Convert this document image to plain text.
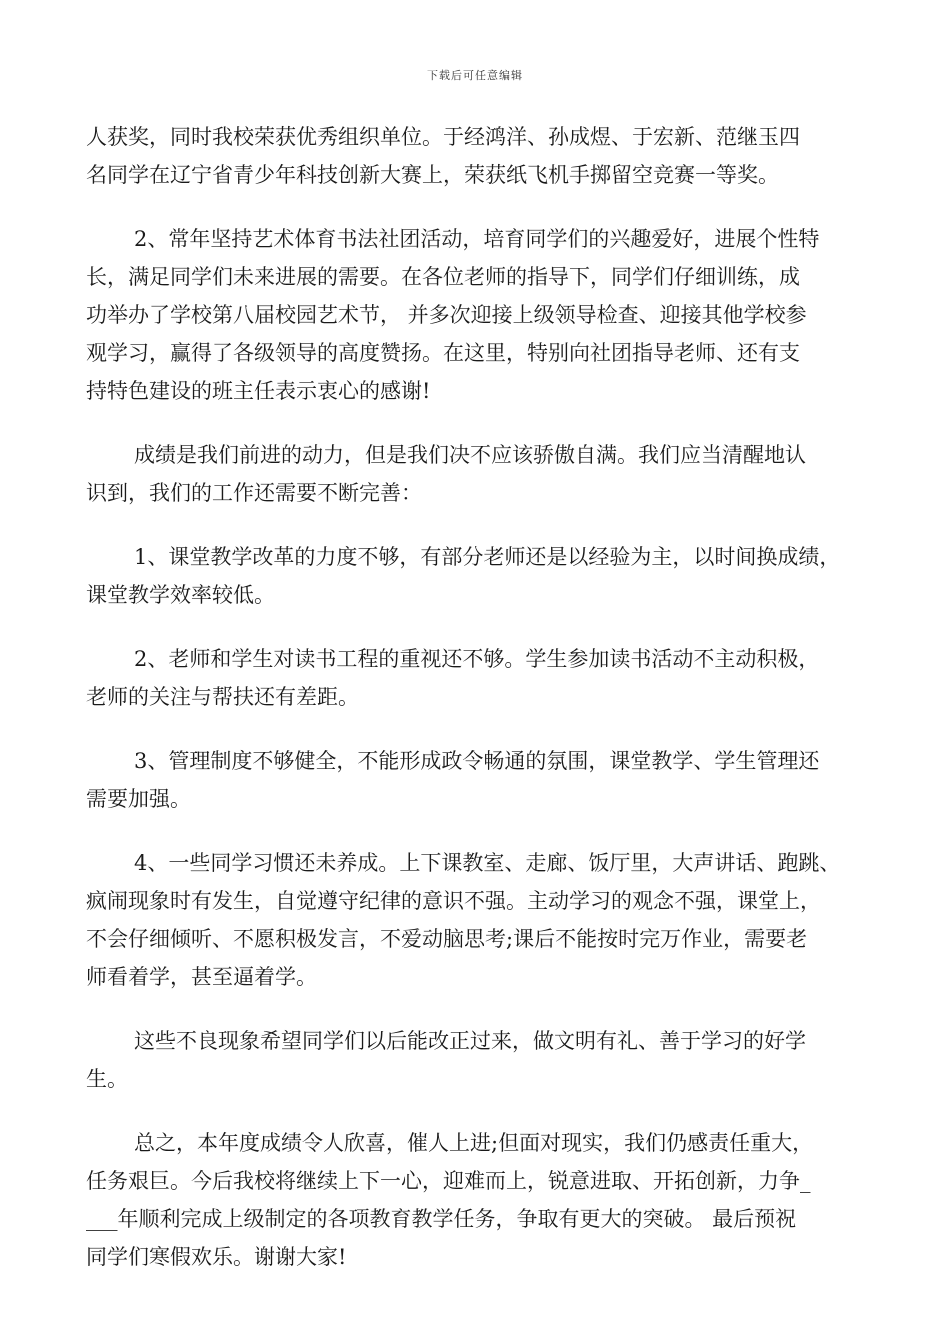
下载后可任意编辑
人获奖，同时我校荣获优秀组织单位。于经鸿洋、孙成煜、于宏新、范继玉四
名同学在辽宁省青少年科技创新大赛上，荣获纸飞机手掷留空竞赛一等奖。
2、常年坚持艺术体育书法社团活动，培育同学们的兴趣爱好，进展个性特
长，满足同学们未来进展的需要。在各位老师的指导下，同学们仔细训练，成
功举办了学校第八届校园艺术节， 并多次迎接上级领导检查、迎接其他学校参
观学习，赢得了各级领导的高度赞扬。在这里，特别向社团指导老师、还有支
持特色建设的班主任表示衷心的感谢!
成绩是我们前进的动力，但是我们决不应该骄傲自满。我们应当清醒地认
识到，我们的工作还需要不断完善：
1、课堂教学改革的力度不够，有部分老师还是以经验为主，以时间换成绩，
课堂教学效率较低。
2、老师和学生对读书工程的重视还不够。学生参加读书活动不主动积极，
老师的关注与帮扶还有差距。
3、管理制度不够健全，不能形成政令畅通的氛围，课堂教学、学生管理还
需要加强。
4、一些同学习惯还未养成。上下课教室、走廊、饭厅里，大声讲话、跑跳、
疯闹现象时有发生，自觉遵守纪律的意识不强。主动学习的观念不强，课堂上，
不会仔细倾听、不愿积极发言，不爱动脑思考;课后不能按时完万作业，需要老
师看着学，甚至逼着学。
这些不良现象希望同学们以后能改正过来，做文明有礼、善于学习的好学
生。
总之，本年度成绩令人欣喜，催人上进;但面对现实，我们仍感责任重大，
任务艰巨。今后我校将继续上下一心，迎难而上，锐意进取、开拓创新，力争_
___年顺利完成上级制定的各项教育教学任务，争取有更大的突破。 最后预祝
同学们寒假欢乐。谢谢大家!
